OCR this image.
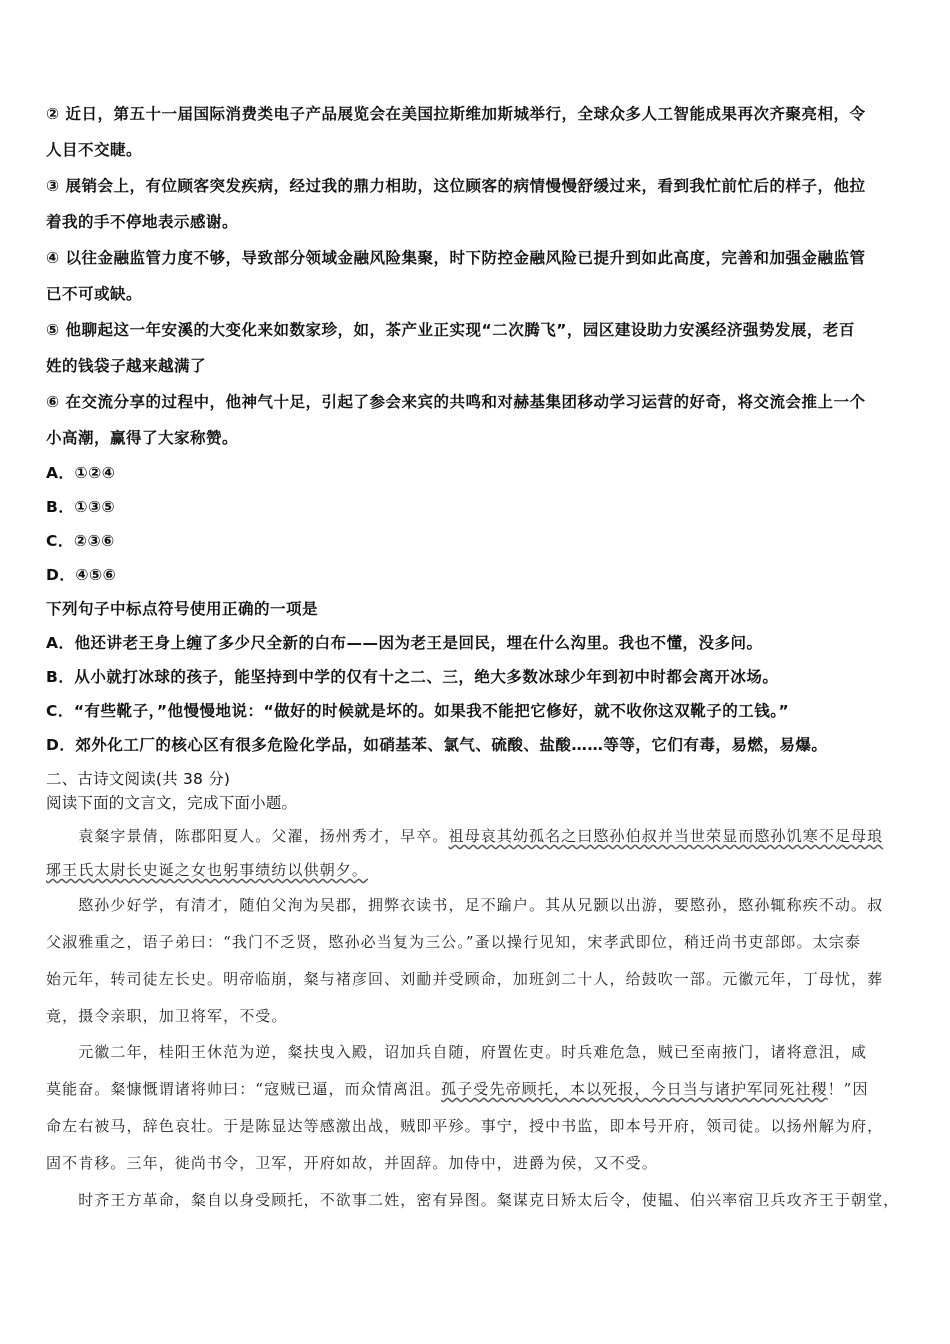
② 近日，第五十一届国际消费类电子产品展览会在美国拉斯维加斯城举行，全球众多人工智能成果再次齐聚亮相，令
人目不交睫。
③ 展销会上，有位顾客突发疾病，经过我的鼎力相助，这位顾客的病情慢慢舒缓过来，看到我忙前忙后的样子，他拉
着我的手不停地表示感谢。
④ 以往金融监管力度不够，导致部分领域金融风险集聚，时下防控金融风险已提升到如此高度，完善和加强金融监管
已不可或缺。
⑤ 他聊起这一年安溪的大变化来如数家珍，如，茶产业正实现“二次腾飞”，园区建设助力安溪经济强势发展，老百
姓的钱袋子越来越满了
⑥ 在交流分享的过程中，他神气十足，引起了参会来宾的共鸣和对赫基集团移动学习运营的好奇，将交流会推上一个
小高潮，赢得了大家称赞。
A．①②④
B．①③⑤
C．②③⑥
D．④⑤⑥
下列句子中标点符号使用正确的一项是
A．他还讲老王身上缠了多少尺全新的白布——因为老王是回民，埋在什么沟里。我也不懂，没多问。
B．从小就打冰球的孩子，能坚持到中学的仅有十之二、三，绝大多数冰球少年到初中时都会离开冰场。
C．“有些靴子，”他慢慢地说：“做好的时候就是坏的。如果我不能把它修好，就不收你这双靴子的工钱。”
D．郊外化工厂的核心区有很多危险化学品，如硝基苯、氯气、硫酸、盐酸……等等，它们有毒，易燃，易爆。
二、古诗文阅读(共 38 分)
阅读下面的文言文，完成下面小题。
　　袁粲字景倩，陈郡阳夏人。父濯，扬州秀才，早卒。祖母哀其幼孤名之曰愍孙伯叔并当世荣显而愍孙饥寒不足母琅
琊王氏太尉长史诞之女也躬事绩纺以供朝夕。
　　愍孙少好学，有清才，随伯父洵为吴郡，拥弊衣读书，足不踰户。其从兄颢以出游，要愍孙，愍孙辄称疾不动。叔
父淑雅重之，语子弟曰：“我门不乏贤，愍孙必当复为三公。”蚤以操行见知，宋孝武即位，稍迁尚书吏部郎。太宗泰
始元年，转司徒左长史。明帝临崩，粲与褚彦回、刘勔并受顾命，加班剑二十人，给鼓吹一部。元徽元年，丁母忧，葬
竟，摄令亲职，加卫将军，不受。
　　元徽二年，桂阳王休范为逆，粲扶曳入殿，诏加兵自随，府置佐吏。时兵难危急，贼已至南掖门，诸将意沮，咸
莫能奋。粲慷慨谓诸将帅曰：“寇贼已逼，而众情离沮。孤子受先帝顾托，本以死报，今日当与诸护军同死社稷！”因
命左右被马，辞色哀壮。于是陈显达等感激出战，贼即平殄。事宁，授中书监，即本号开府，领司徒。以扬州解为府，
固不肯移。三年，徙尚书令，卫军，开府如故，并固辞。加侍中，进爵为侯，又不受。
　　时齐王方革命，粲自以身受顾托，不欲事二姓，密有异图。粲谋克日矫太后令，使韫、伯兴率宿卫兵攻齐王于朝堂，
